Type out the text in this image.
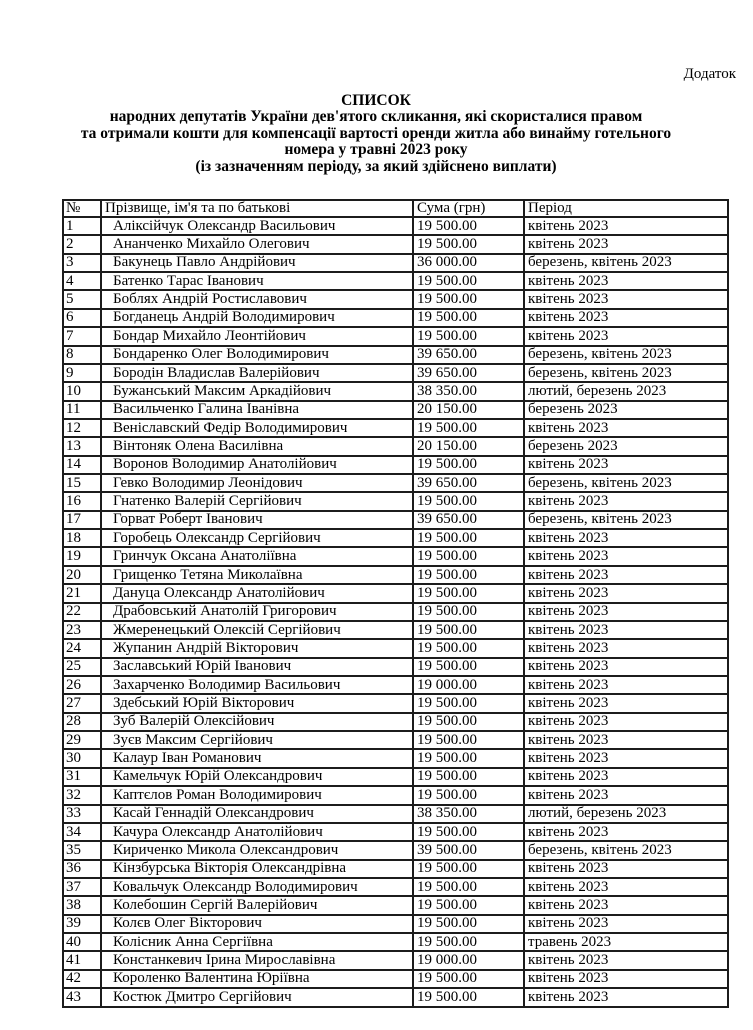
Додаток
СПИСОК
народних депутатів України дев'ятого скликання, які скористалися правом
та отримали кошти для компенсації вартості оренди житла або винайму готельного
номера у травні 2023 року
(із зазначенням періоду, за який здійснено виплати)
№	Прізвище, ім'я та по батькові	Сума (грн)	Період
1	Аліксійчук Олександр Васильович	19 500.00	квітень 2023
2	Ананченко Михайло Олегович	19 500.00	квітень 2023
3	Бакунець Павло Андрійович	36 000.00	березень, квітень 2023
4	Батенко Тарас Іванович	19 500.00	квітень 2023
5	Боблях Андрій Ростиславович	19 500.00	квітень 2023
6	Богданець Андрій Володимирович	19 500.00	квітень 2023
7	Бондар Михайло Леонтійович	19 500.00	квітень 2023
8	Бондаренко Олег Володимирович	39 650.00	березень, квітень 2023
9	Бородін Владислав Валерійович	39 650.00	березень, квітень 2023
10	Бужанський Максим Аркадійович	38 350.00	лютий, березень 2023
11	Васильченко Галина Іванівна	20 150.00	березень 2023
12	Веніславский Федір Володимирович	19 500.00	квітень 2023
13	Вінтоняк Олена Василівна	20 150.00	березень 2023
14	Воронов Володимир Анатолійович	19 500.00	квітень 2023
15	Гевко Володимир Леонідович	39 650.00	березень, квітень 2023
16	Гнатенко Валерій Сергійович	19 500.00	квітень 2023
17	Горват Роберт Іванович	39 650.00	березень, квітень 2023
18	Горобець Олександр Сергійович	19 500.00	квітень 2023
19	Гринчук Оксана Анатоліївна	19 500.00	квітень 2023
20	Грищенко Тетяна Миколаївна	19 500.00	квітень 2023
21	Дануца Олександр Анатолійович	19 500.00	квітень 2023
22	Драбовський Анатолій Григорович	19 500.00	квітень 2023
23	Жмеренецький Олексій Сергійович	19 500.00	квітень 2023
24	Жупанин Андрій Вікторович	19 500.00	квітень 2023
25	Заславський Юрій Іванович	19 500.00	квітень 2023
26	Захарченко Володимир Васильович	19 000.00	квітень 2023
27	Здебський Юрій Вікторович	19 500.00	квітень 2023
28	Зуб Валерій Олексійович	19 500.00	квітень 2023
29	Зуєв Максим Сергійович	19 500.00	квітень 2023
30	Калаур Іван Романович	19 500.00	квітень 2023
31	Камельчук Юрій Олександрович	19 500.00	квітень 2023
32	Каптєлов Роман Володимирович	19 500.00	квітень 2023
33	Касай Геннадій Олександрович	38 350.00	лютий, березень 2023
34	Качура Олександр Анатолійович	19 500.00	квітень 2023
35	Кириченко Микола Олександрович	39 500.00	березень, квітень 2023
36	Кінзбурська Вікторія Олександрівна	19 500.00	квітень 2023
37	Ковальчук Олександр Володимирович	19 500.00	квітень 2023
38	Колебошин Сергій Валерійович	19 500.00	квітень 2023
39	Колєв Олег Вікторович	19 500.00	квітень 2023
40	Колісник Анна Сергіївна	19 500.00	травень 2023
41	Констанкевич Ірина Мирославівна	19 000.00	квітень 2023
42	Короленко Валентина Юріївна	19 500.00	квітень 2023
43	Костюк Дмитро Сергійович	19 500.00	квітень 2023
